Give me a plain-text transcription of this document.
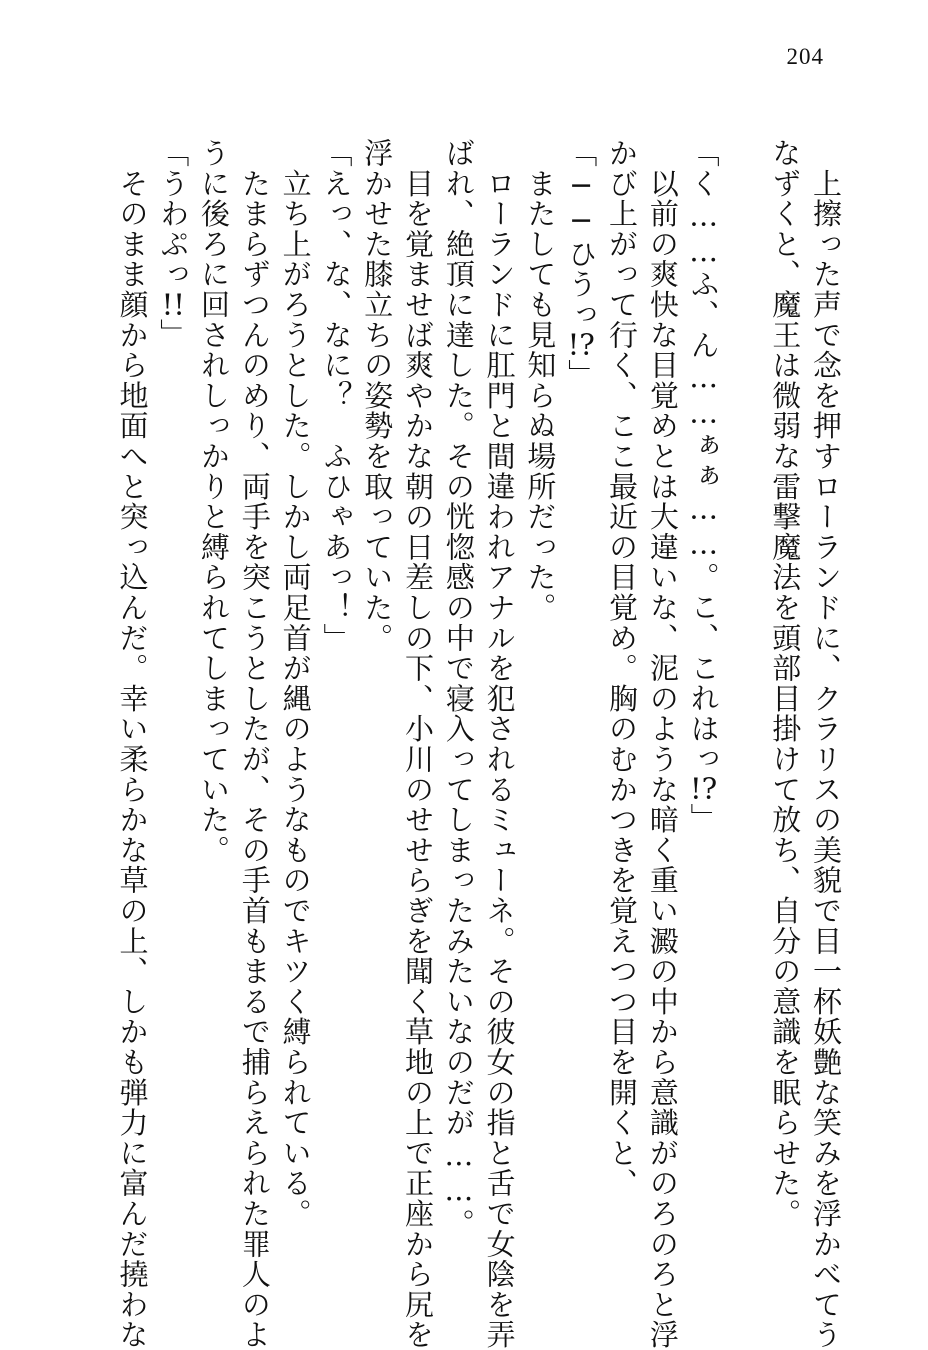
204
　上擦った声で念を押すローランドに、クラリスの美貌で目一杯妖艶な笑みを浮かべてう
なずくと、魔王は微弱な雷撃魔法を頭部目掛けて放ち、自分の意識を眠らせた。
「く……ふ、ん……ぁぁ……。こ、これはっ!?」
　以前の爽快な目覚めとは大違いな、泥のような暗く重い澱の中から意識がのろのろと浮
かび上がって行く、ここ最近の目覚め。胸のむかつきを覚えつつ目を開くと、
「──ひうっ!?」
　またしても見知らぬ場所だった。
　ローランドに肛門と間違われアナルを犯されるミューネ。その彼女の指と舌で女陰を弄
ばれ、絶頂に達した。その恍惚感の中で寝入ってしまったみたいなのだが……。
　目を覚ませば爽やかな朝の日差しの下、小川のせせらぎを聞く草地の上で正座から尻を
浮かせた膝立ちの姿勢を取っていた。
「えっ、な、なに？　ふひゃあっ！」
　立ち上がろうとした。しかし両足首が縄のようなものでキツく縛られている。
　たまらずつんのめり、両手を突こうとしたが、その手首もまるで捕らえられた罪人のよ
うに後ろに回されしっかりと縛られてしまっていた。
「うわぷっ!!」
　そのまま顔から地面へと突っ込んだ。幸い柔らかな草の上、しかも弾力に富んだ撓わな
